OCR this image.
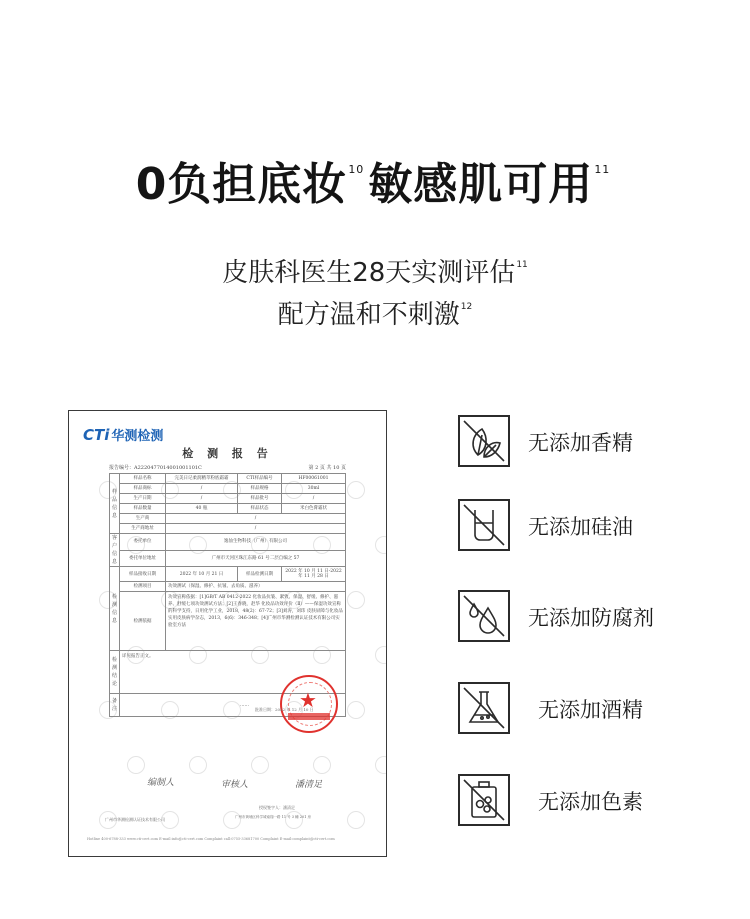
0负担底妆$^{10}$敏感肌可用$^{11}$
皮肤科医生28天实测评估$^{11}$
配方温和不刺激$^{12}$
CTi 华测检测
检 测 报 告
报告编号：A2220477014001001101C	第 2 页 共 10 页
样品信息	样品名称	完美日记柔润精萃粉底霜霜	CTI样品编号	HF00061001
	样品商标	/	样品规格	30ml
	生产日期	/	样品批号	/
	样品数量	40 瓶	样品状态	米白色膏霜状
	生产商	/		
	生产商地址	/		
客户信息	委托单位	逸仙生物科技（广州）有限公司		
	委托单位地址	广州市天河区珠江东路 61 号二层自编之 57		
检测信息	样品接收日期	2022 年 10 月 21 日	样品检测日期	2022 年 10 月 11 日-2022 年 11 月 28 日
	检测项目	功效测试（保湿、修护、抗皱、去角质、滋养）		
	检测依据	功效宣称依据：[1]GB/T AB 0412-2022 化妆品抗皱、紧致、保湿、舒缓、修护、滋养、舒缓七项功效测试方法；[2]王春晓，赵华 化妆品功效评价（Ⅱ）——保湿功效宣称的科学支持，日用化学工业，2018，48(2)：67-72；[3]刘涛，刘玮 皮肤屏障与化妆品 实用皮肤病学杂志，2013，6(6)：346-348；[4]广州市华测检测认证技术有限公司实验室方法		
检测结论	详见报告正文。			
备注	……				★
批准日期：2022 年 12 月 10 日
编制人	审核人	潘清足
广州市华测检测认证技术有限公司
授权签字人：潘清足
广州市黄埔区科学城南翔一路 11 号 3 幢 201 房
Hotline 400-6788-333 www.cti-cert.com E-mail:info@cti-cert.com Complaint call:0755-33681700 Complaint E-mail:complaint@cti-cert.com
无添加香精
无添加硅油
无添加防腐剂
无添加酒精
无添加色素
